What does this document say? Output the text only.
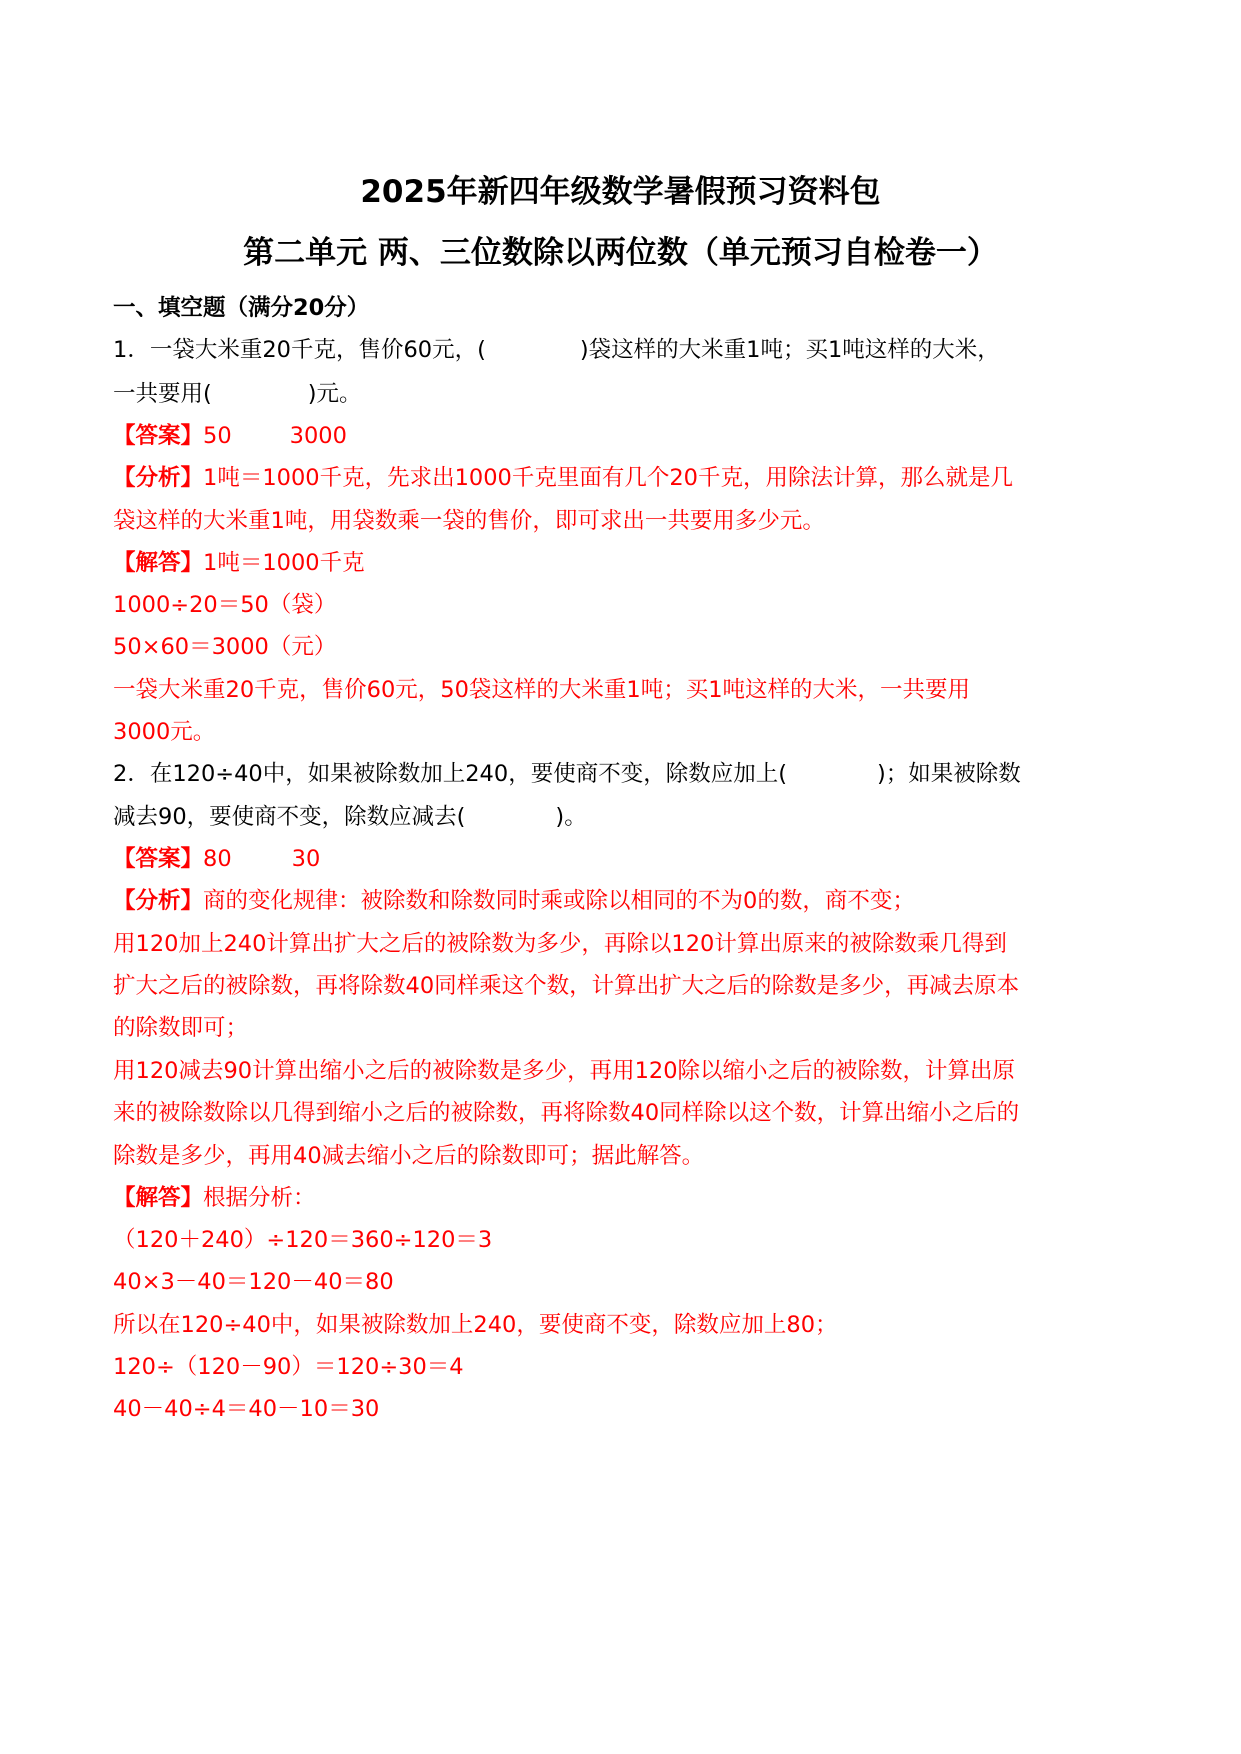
2025年新四年级数学暑假预习资料包
第二单元 两、三位数除以两位数（单元预习自检卷一）
一、填空题（满分20分）
1．一袋大米重20千克，售价60元，(	)袋这样的大米重1吨；买1吨这样的大米，
一共要用(	)元。
【答案】50	3000
【分析】1吨＝1000千克，先求出1000千克里面有几个20千克，用除法计算，那么就是几
袋这样的大米重1吨，用袋数乘一袋的售价，即可求出一共要用多少元。
【解答】1吨＝1000千克
1000÷20＝50（袋）
50×60＝3000（元）
一袋大米重20千克，售价60元，50袋这样的大米重1吨；买1吨这样的大米，一共要用
3000元。
2．在120÷40中，如果被除数加上240，要使商不变，除数应加上(	)；如果被除数
减去90，要使商不变，除数应减去(	)。
【答案】80	30
【分析】商的变化规律：被除数和除数同时乘或除以相同的不为0的数，商不变；
用120加上240计算出扩大之后的被除数为多少，再除以120计算出原来的被除数乘几得到
扩大之后的被除数，再将除数40同样乘这个数，计算出扩大之后的除数是多少，再减去原本
的除数即可；
用120减去90计算出缩小之后的被除数是多少，再用120除以缩小之后的被除数，计算出原
来的被除数除以几得到缩小之后的被除数，再将除数40同样除以这个数，计算出缩小之后的
除数是多少，再用40减去缩小之后的除数即可；据此解答。
【解答】根据分析：
（120＋240）÷120＝360÷120＝3
40×3－40＝120－40＝80
所以在120÷40中，如果被除数加上240，要使商不变，除数应加上80；
120÷（120－90）＝120÷30＝4
40－40÷4＝40－10＝30
